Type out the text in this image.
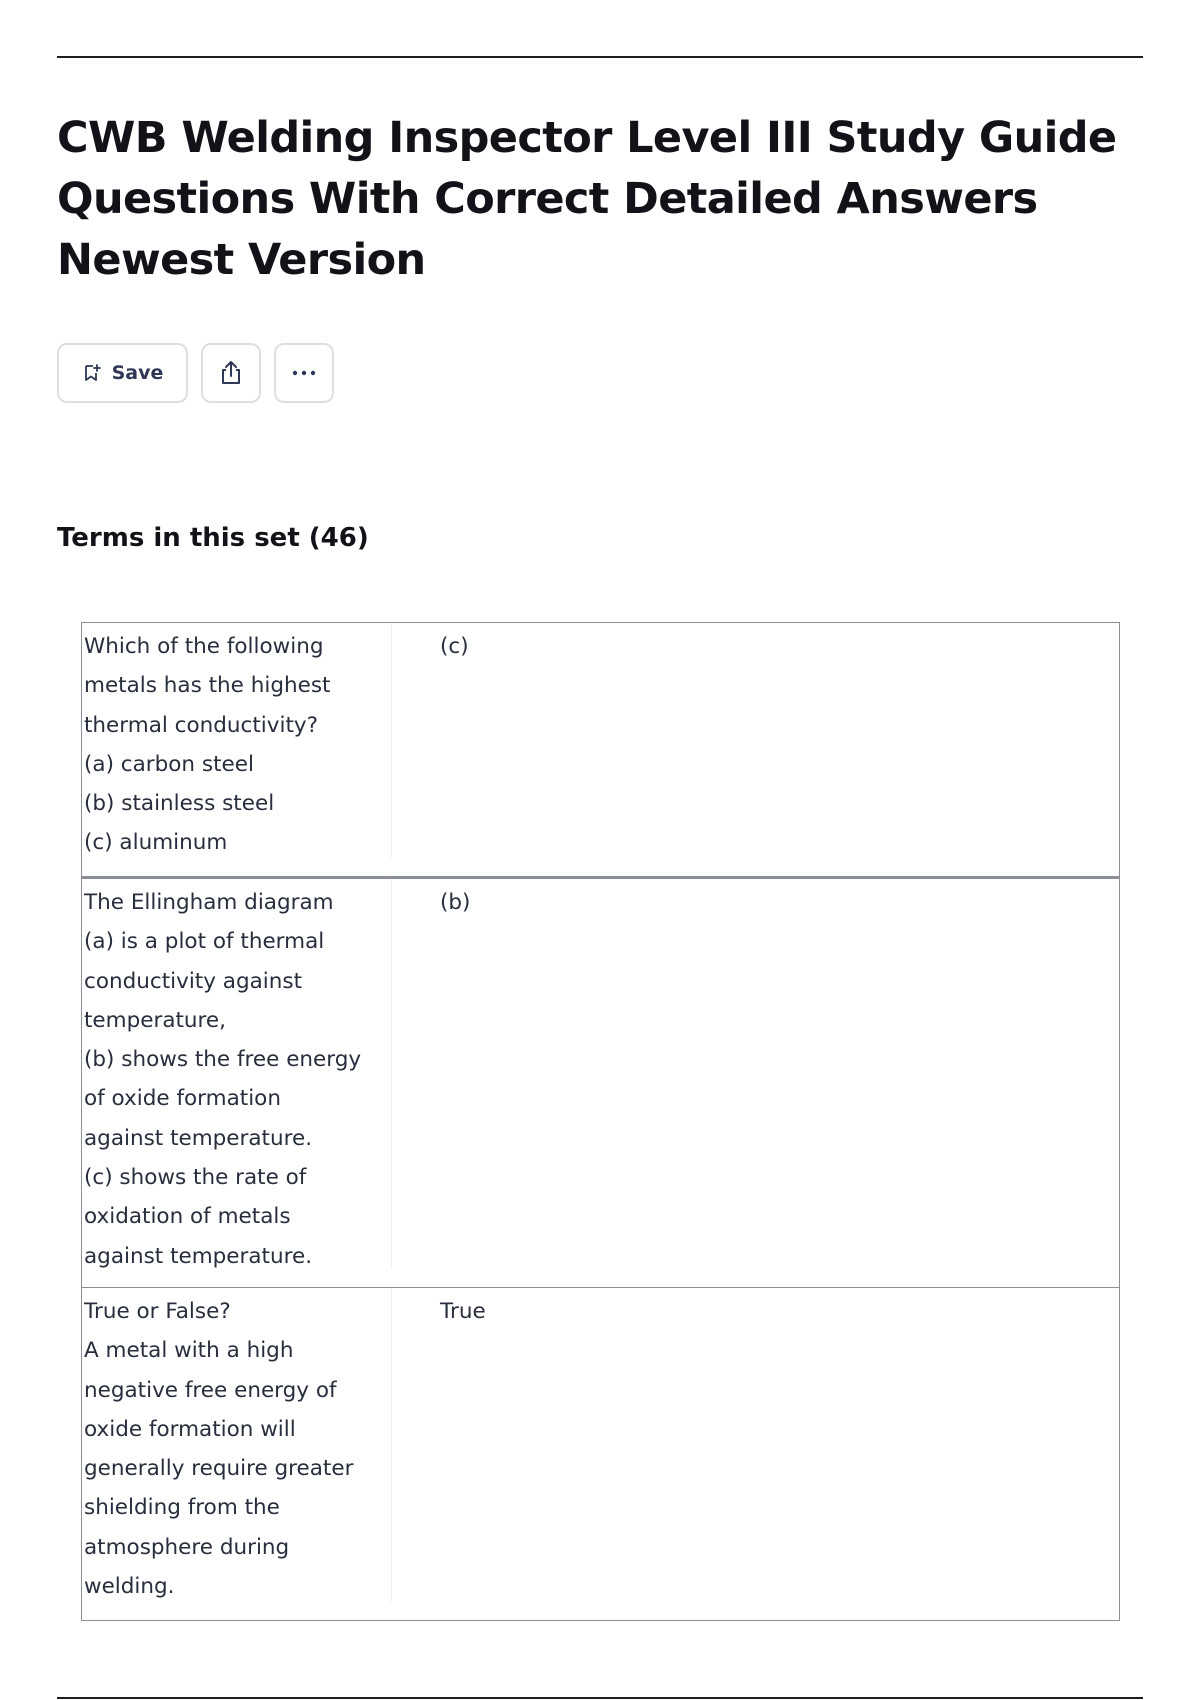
CWB Welding Inspector Level III Study Guide Questions With Correct Detailed Answers Newest Version
Save
Terms in this set (46)
Which of the following
metals has the highest
thermal conductivity?
(a) carbon steel
(b) stainless steel
(c) aluminum
(c)
The Ellingham diagram
(a) is a plot of thermal
conductivity against
temperature,
(b) shows the free energy
of oxide formation
against temperature.
(c) shows the rate of
oxidation of metals
against temperature.
(b)
True or False?
A metal with a high
negative free energy of
oxide formation will
generally require greater
shielding from the
atmosphere during
welding.
True
